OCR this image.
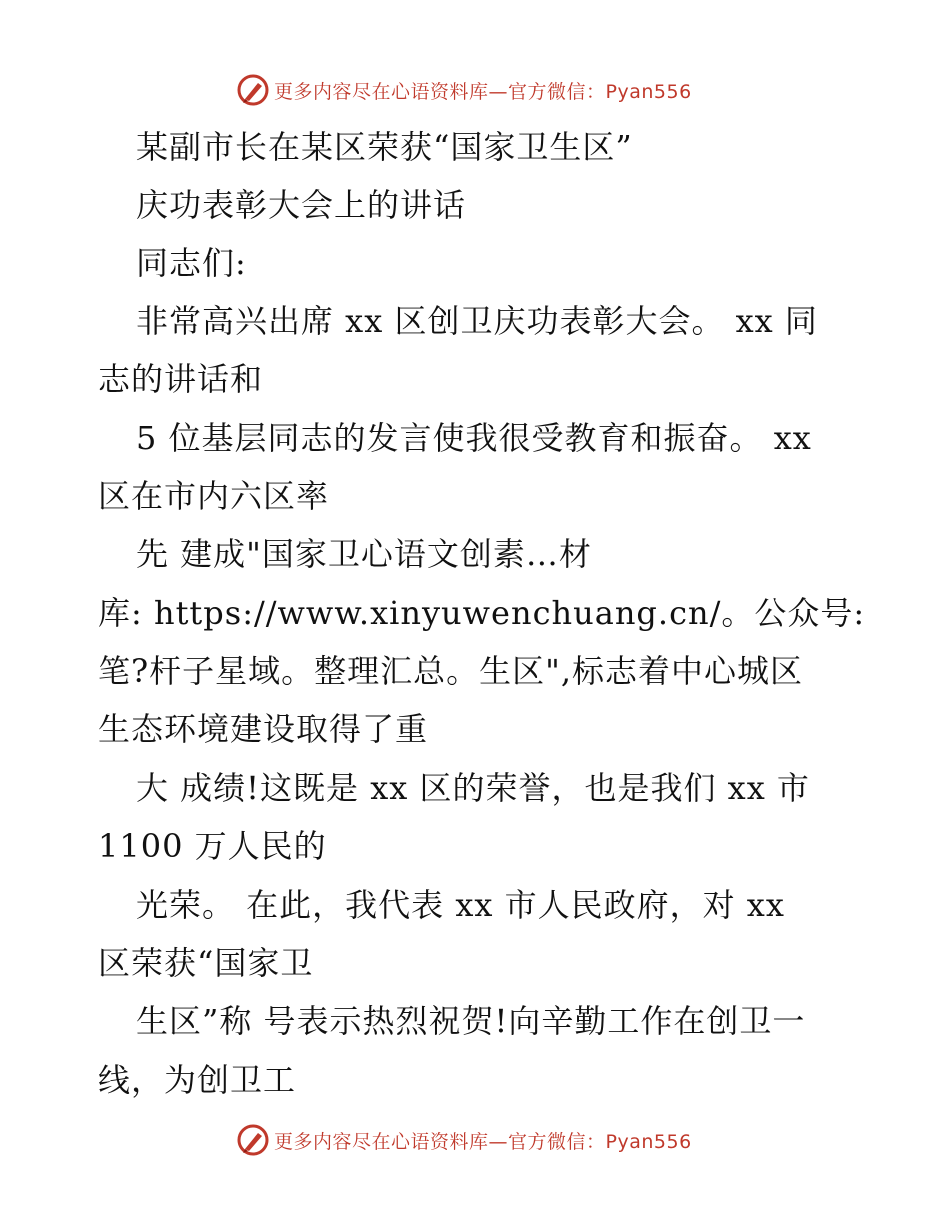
更多内容尽在心语资料库—官方微信：Pyan556
某副市长在某区荣获“国家卫生区”
庆功表彰大会上的讲话
同志们:
非常高兴出席 xx 区创卫庆功表彰大会。 xx 同
志的讲话和
5 位基层同志的发言使我很受教育和振奋。 xx
区在市内六区率
先 建成"国家卫心语文创素…材
库: https://www.xinyuwenchuang.cn/。公众号:
笔?杆子星域。整理汇总。生区",标志着中心城区
生态环境建设取得了重
大 成绩!这既是 xx 区的荣誉，也是我们 xx 市
1100 万人民的
光荣。 在此，我代表 xx 市人民政府，对 xx
区荣获“国家卫
生区”称 号表示热烈祝贺!向辛勤工作在创卫一
线，为创卫工
更多内容尽在心语资料库—官方微信：Pyan556
